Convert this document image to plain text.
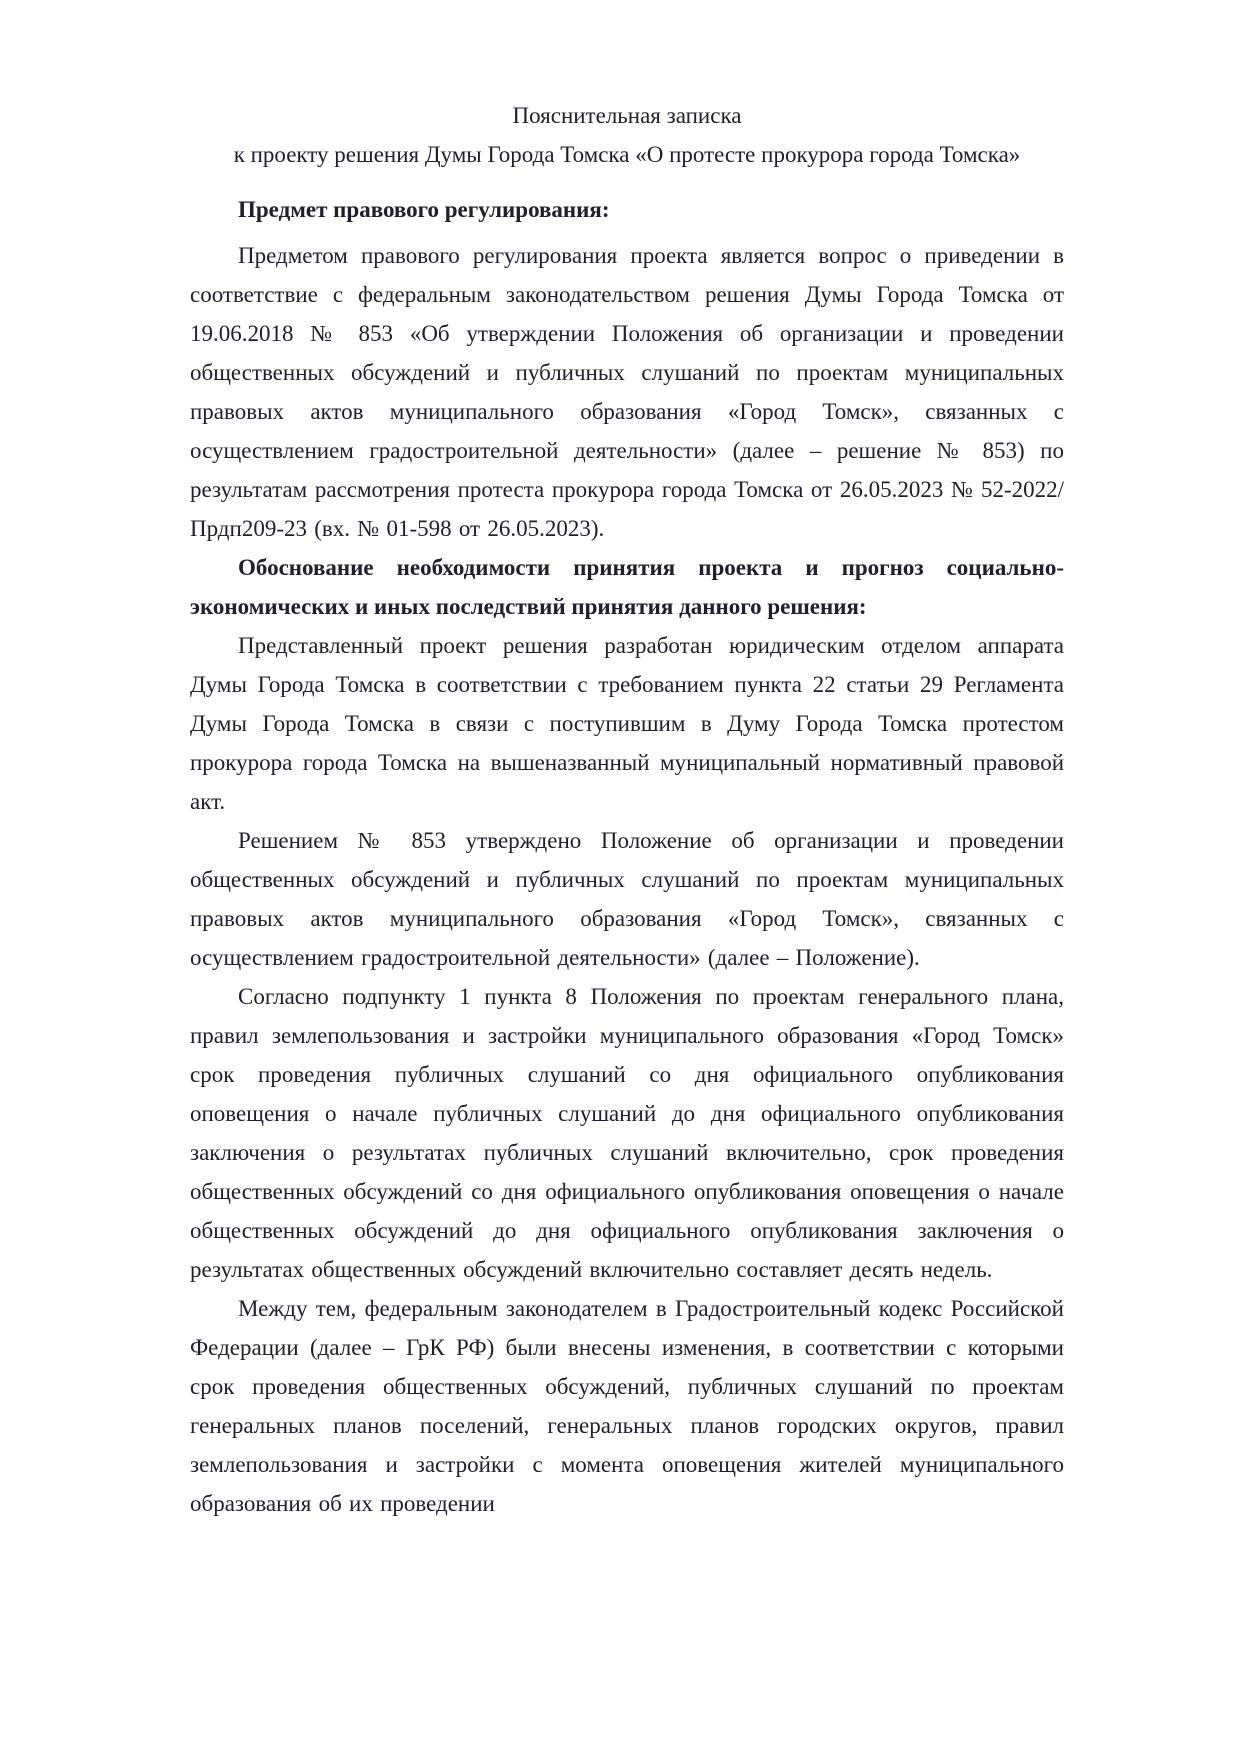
Пояснительная записка

к проекту решения Думы Города Томска «О протесте прокурора города Томска»

Предмет правового регулирования:

Предметом правового регулирования проекта является вопрос о приведении в соответствие с федеральным законодательством решения Думы Города Томска от 19.06.2018 № 853 «Об утверждении Положения об организации и проведении общественных обсуждений и публичных слушаний по проектам муниципальных правовых актов муниципального образования «Город Томск», связанных с осуществлением градостроительной деятельности» (далее – решение № 853) по результатам рассмотрения протеста прокурора города Томска от 26.05.2023 № 52-2022/Прдп209-23 (вх. № 01-598 от 26.05.2023).

Обоснование необходимости принятия проекта и прогноз социально-экономических и иных последствий принятия данного решения:

Представленный проект решения разработан юридическим отделом аппарата Думы Города Томска в соответствии с требованием пункта 22 статьи 29 Регламента Думы Города Томска в связи с поступившим в Думу Города Томска протестом прокурора города Томска на вышеназванный муниципальный нормативный правовой акт.

Решением № 853 утверждено Положение об организации и проведении общественных обсуждений и публичных слушаний по проектам муниципальных правовых актов муниципального образования «Город Томск», связанных с осуществлением градостроительной деятельности» (далее – Положение).

Согласно подпункту 1 пункта 8 Положения по проектам генерального плана, правил землепользования и застройки муниципального образования «Город Томск» срок проведения публичных слушаний со дня официального опубликования оповещения о начале публичных слушаний до дня официального опубликования заключения о результатах публичных слушаний включительно, срок проведения общественных обсуждений со дня официального опубликования оповещения о начале общественных обсуждений до дня официального опубликования заключения о результатах общественных обсуждений включительно составляет десять недель.

Между тем, федеральным законодателем в Градостроительный кодекс Российской Федерации (далее – ГрК РФ) были внесены изменения, в соответствии с которыми срок проведения общественных обсуждений, публичных слушаний по проектам генеральных планов поселений, генеральных планов городских округов, правил землепользования и застройки с момента оповещения жителей муниципального образования об их проведении
